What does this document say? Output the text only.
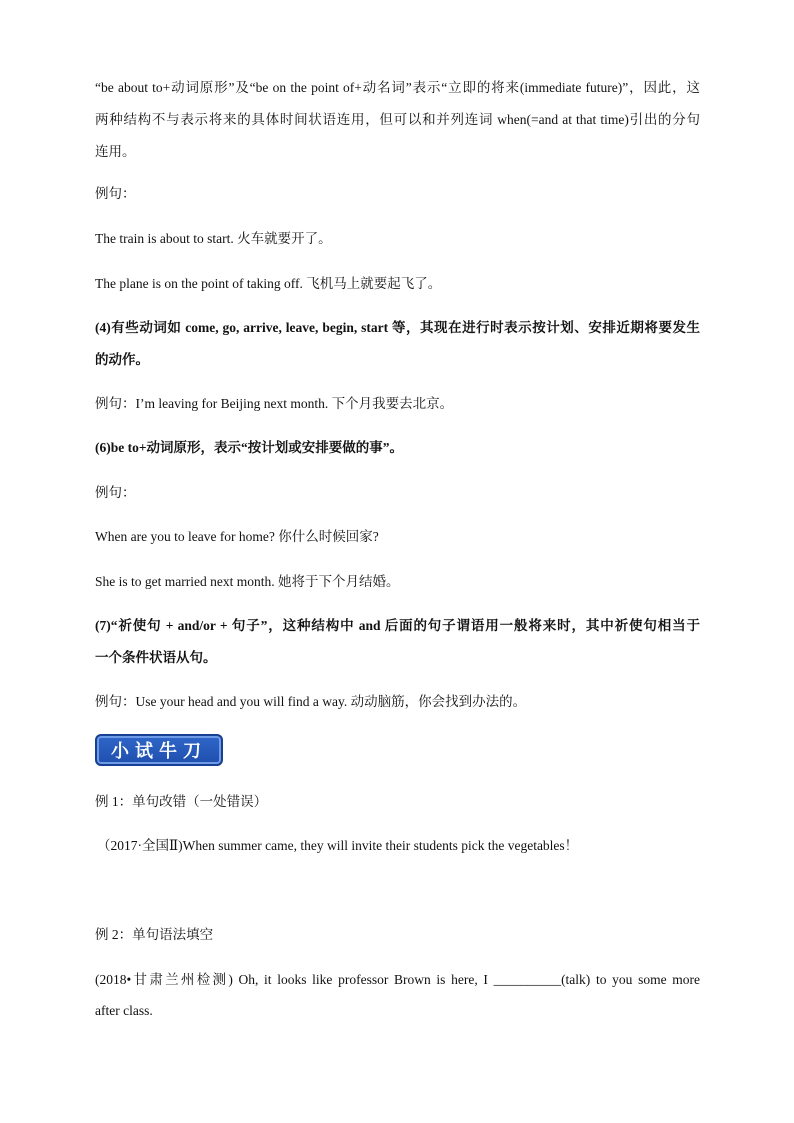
“be about to+动词原形”及“be on the point of+动名词”表示“立即的将来(immediate future)”，因此，这
两种结构不与表示将来的具体时间状语连用，但可以和并列连词 when(=and at that time)引出的分句
连用。
例句：
The train is about to start. 火车就要开了。
The plane is on the point of taking off. 飞机马上就要起飞了。
(4)有些动词如 come, go, arrive, leave, begin, start 等，其现在进行时表示按计划、安排近期将要发生
的动作。
例句：I’m leaving for Beijing next month. 下个月我要去北京。
(6)be to+动词原形，表示“按计划或安排要做的事”。
例句：
When are you to leave for home? 你什么时候回家?
She is to get married next month. 她将于下个月结婚。
(7)“祈使句 + and/or + 句子”，这种结构中 and 后面的句子谓语用一般将来时，其中祈使句相当于
一个条件状语从句。
例句：Use your head and you will find a way. 动动脑筋，你会找到办法的。
小试牛刀
例 1：单句改错（一处错误）
（2017·全国Ⅱ)When summer came, they will invite their students pick the vegetables！
例 2：单句语法填空
(2018•甘肃兰州检测) Oh, it looks like professor Brown is here, I __________(talk) to you some more
after class.
